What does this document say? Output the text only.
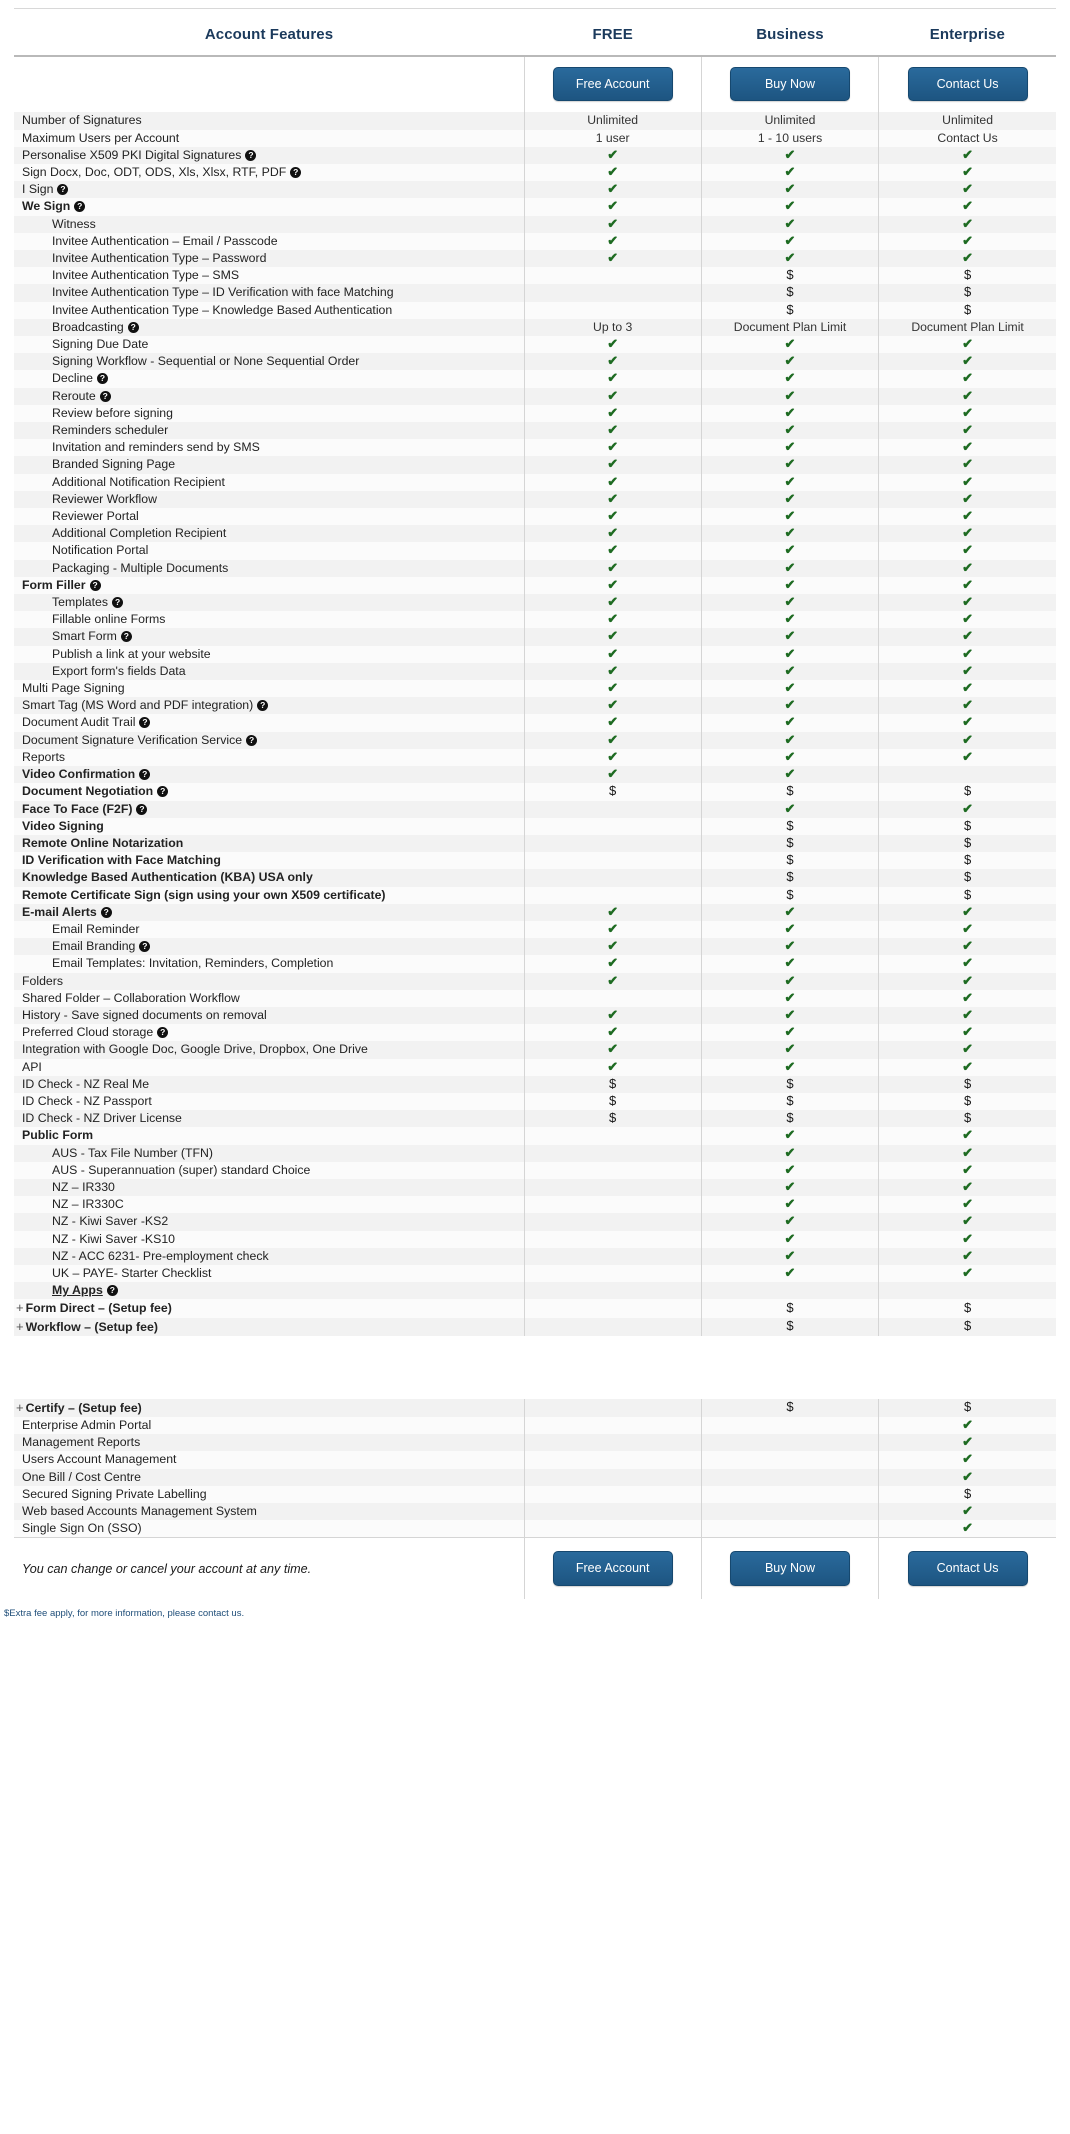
Account Features	FREE	Business	Enterprise

	Free Account	Buy Now	Contact Us
Number of Signatures	Unlimited	Unlimited	Unlimited
Maximum Users per Account	1 user	1 - 10 users	Contact Us
Personalise X509 PKI Digital Signatures ?	✔	✔	✔
Sign Docx, Doc, ODT, ODS, Xls, Xlsx, RTF, PDF ?	✔	✔	✔
I Sign ?	✔	✔	✔
We Sign ?	✔	✔	✔
Witness	✔	✔	✔
Invitee Authentication – Email / Passcode	✔	✔	✔
Invitee Authentication Type – Password	✔	✔	✔
Invitee Authentication Type – SMS		$	$
Invitee Authentication Type – ID Verification with face Matching		$	$
Invitee Authentication Type – Knowledge Based Authentication		$	$
Broadcasting ?	Up to 3	Document Plan Limit	Document Plan Limit
Signing Due Date	✔	✔	✔
Signing Workflow - Sequential or None Sequential Order	✔	✔	✔
Decline ?	✔	✔	✔
Reroute ?	✔	✔	✔
Review before signing	✔	✔	✔
Reminders scheduler	✔	✔	✔
Invitation and reminders send by SMS	✔	✔	✔
Branded Signing Page	✔	✔	✔
Additional Notification Recipient	✔	✔	✔
Reviewer Workflow	✔	✔	✔
Reviewer Portal	✔	✔	✔
Additional Completion Recipient	✔	✔	✔
Notification Portal	✔	✔	✔
Packaging - Multiple Documents	✔	✔	✔
Form Filler ?	✔	✔	✔
Templates ?	✔	✔	✔
Fillable online Forms	✔	✔	✔
Smart Form ?	✔	✔	✔
Publish a link at your website	✔	✔	✔
Export form's fields Data	✔	✔	✔
Multi Page Signing	✔	✔	✔
Smart Tag (MS Word and PDF integration) ?	✔	✔	✔
Document Audit Trail ?	✔	✔	✔
Document Signature Verification Service ?	✔	✔	✔
Reports	✔	✔	✔
Video Confirmation ?	✔	✔	
Document Negotiation ?	$	$	$
Face To Face (F2F) ?		✔	✔
Video Signing		$	$
Remote Online Notarization		$	$
ID Verification with Face Matching		$	$
Knowledge Based Authentication (KBA) USA only		$	$
Remote Certificate Sign (sign using your own X509 certificate)		$	$
E-mail Alerts ?	✔	✔	✔
Email Reminder	✔	✔	✔
Email Branding ?	✔	✔	✔
Email Templates: Invitation, Reminders, Completion	✔	✔	✔
Folders	✔	✔	✔
Shared Folder – Collaboration Workflow		✔	✔
History - Save signed documents on removal	✔	✔	✔
Preferred Cloud storage ?	✔	✔	✔
Integration with Google Doc, Google Drive, Dropbox, One Drive	✔	✔	✔
API	✔	✔	✔
ID Check - NZ Real Me	$	$	$
ID Check - NZ Passport	$	$	$
ID Check - NZ Driver License	$	$	$
Public Form		✔	✔
AUS - Tax File Number (TFN)		✔	✔
AUS - Superannuation (super) standard Choice		✔	✔
NZ – IR330		✔	✔
NZ – IR330C		✔	✔
NZ - Kiwi Saver -KS2		✔	✔
NZ - Kiwi Saver -KS10		✔	✔
NZ - ACC 6231- Pre-employment check		✔	✔
UK – PAYE- Starter Checklist		✔	✔
My Apps ?			
+ Form Direct – (Setup fee)		$	$
+ Workflow – (Setup fee)		$	$

+ Certify – (Setup fee)		$	$
Enterprise Admin Portal			✔
Management Reports			✔
Users Account Management			✔
One Bill / Cost Centre			✔
Secured Signing Private Labelling			$
Web based Accounts Management System			✔
Single Sign On (SSO)			✔
You can change or cancel your account at any time.	Free Account	Buy Now	Contact Us
$Extra fee apply, for more information, please contact us.
